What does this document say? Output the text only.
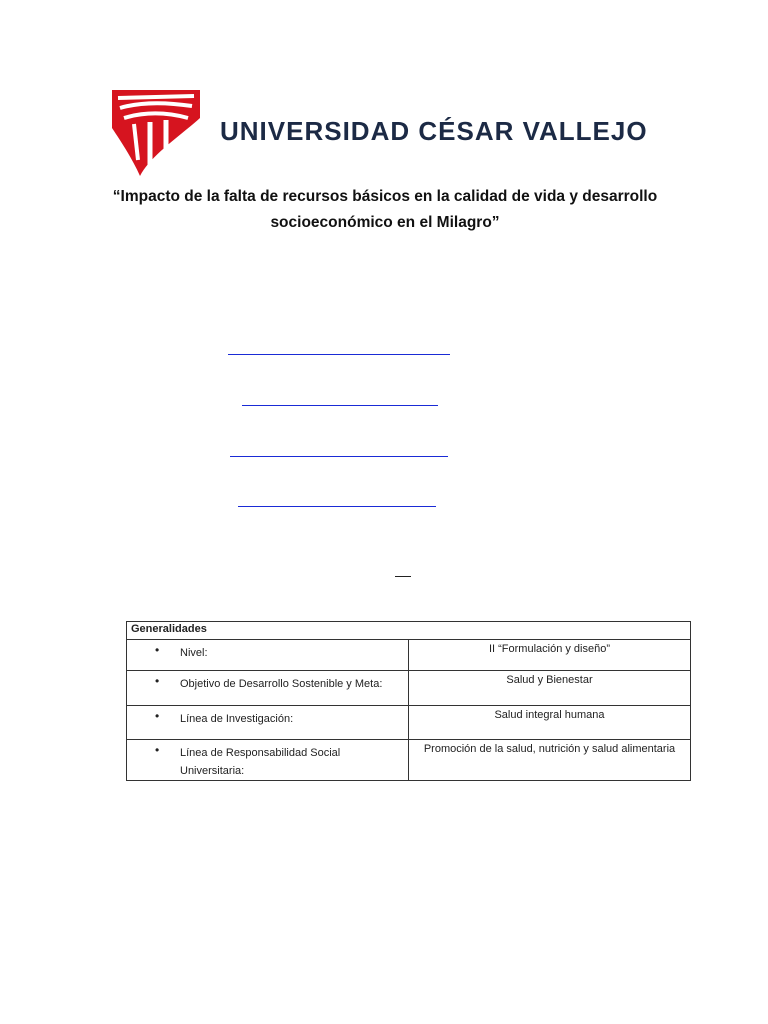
UNIVERSIDAD CÉSAR VALLEJO
“Impacto de la falta de recursos básicos en la calidad de vida y desarrollo socioeconómico en el Milagro”
Generalidades	

• Nivel:	II “Formulación y diseño”

• Objetivo de Desarrollo Sostenible y Meta:	Salud y Bienestar

• Línea de Investigación:	Salud integral humana

• Línea de Responsabilidad Social Universitaria:	Promoción de la salud, nutrición y salud alimentaria
